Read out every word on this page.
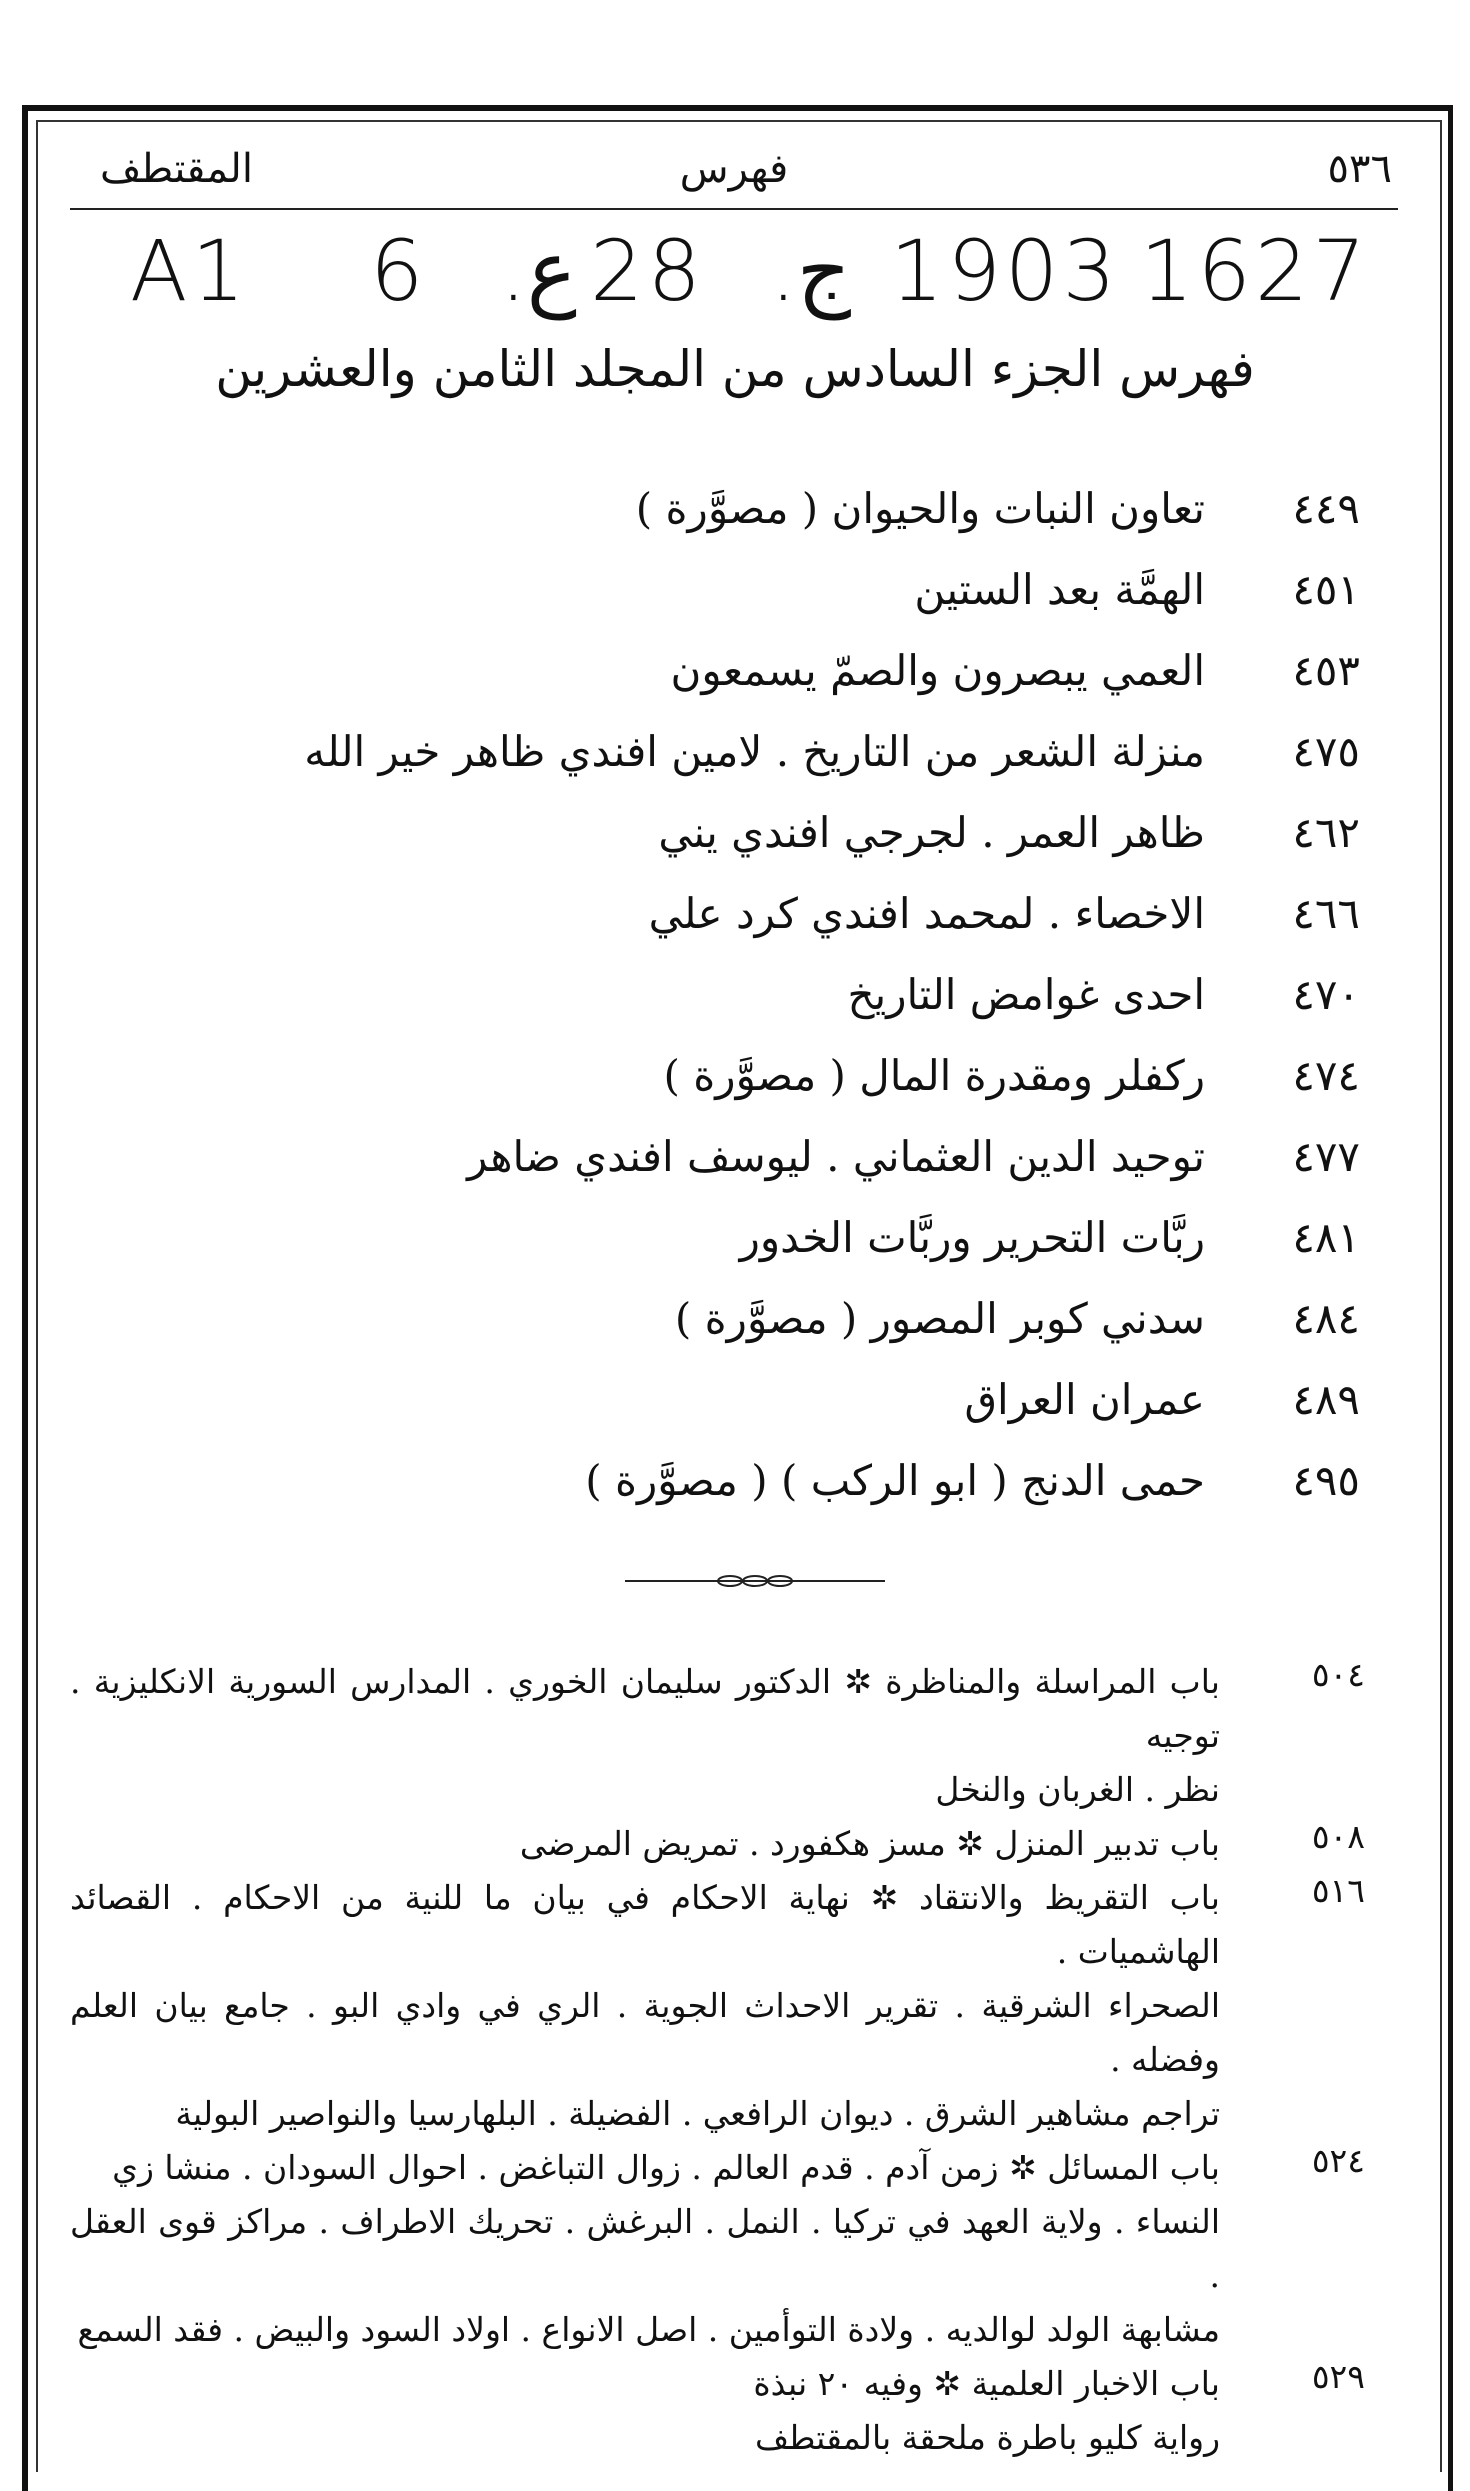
٥٣٦
فهرس
المقتطف
A1 6 .ع 28 .ج 1903 1627
فهرس الجزء السادس من المجلد الثامن والعشرين
٤٤٩
تعاون النبات والحيوان ( مصوَّرة )
٤٥١
الهمَّة بعد الستين
٤٥٣
العمي يبصرون والصمّ يسمعون
٤٧٥
منزلة الشعر من التاريخ . لامين افندي ظاهر خير الله
٤٦٢
ظاهر العمر . لجرجي افندي يني
٤٦٦
الاخصاء . لمحمد افندي كرد علي
٤٧٠
احدى غوامض التاريخ
٤٧٤
ركفلر ومقدرة المال ( مصوَّرة )
٤٧٧
توحيد الدين العثماني . ليوسف افندي ضاهر
٤٨١
ربَّات التحرير وربَّات الخدور
٤٨٤
سدني كوبر المصور ( مصوَّرة )
٤٨٩
عمران العراق
٤٩٥
حمى الدنج ( ابو الركب ) ( مصوَّرة )
٥٠٤
باب المراسلة والمناظرة ✲ الدكتور سليمان الخوري . المدارس السورية الانكليزية . توجيه
نظر . الغربان والنخل
٥٠٨
باب تدبير المنزل ✲ مسز هكفورد . تمريض المرضى
٥١٦
باب التقريظ والانتقاد ✲ نهاية الاحكام في بيان ما للنية من الاحكام . القصائد الهاشميات .
الصحراء الشرقية . تقرير الاحداث الجوية . الري في وادي البو . جامع بيان العلم وفضله .
تراجم مشاهير الشرق . ديوان الرافعي . الفضيلة . البلهارسيا والنواصير البولية
٥٢٤
باب المسائل ✲ زمن آدم . قدم العالم . زوال التباغض . احوال السودان . منشا زي
النساء . ولاية العهد في تركيا . النمل . البرغش . تحريك الاطراف . مراكز قوى العقل .
مشابهة الولد لوالديه . ولادة التوأمين . اصل الانواع . اولاد السود والبيض . فقد السمع
٥٢٩
باب الاخبار العلمية ✲ وفيه ٢٠ نبذة
رواية كليو باطرة ملحقة بالمقتطف
